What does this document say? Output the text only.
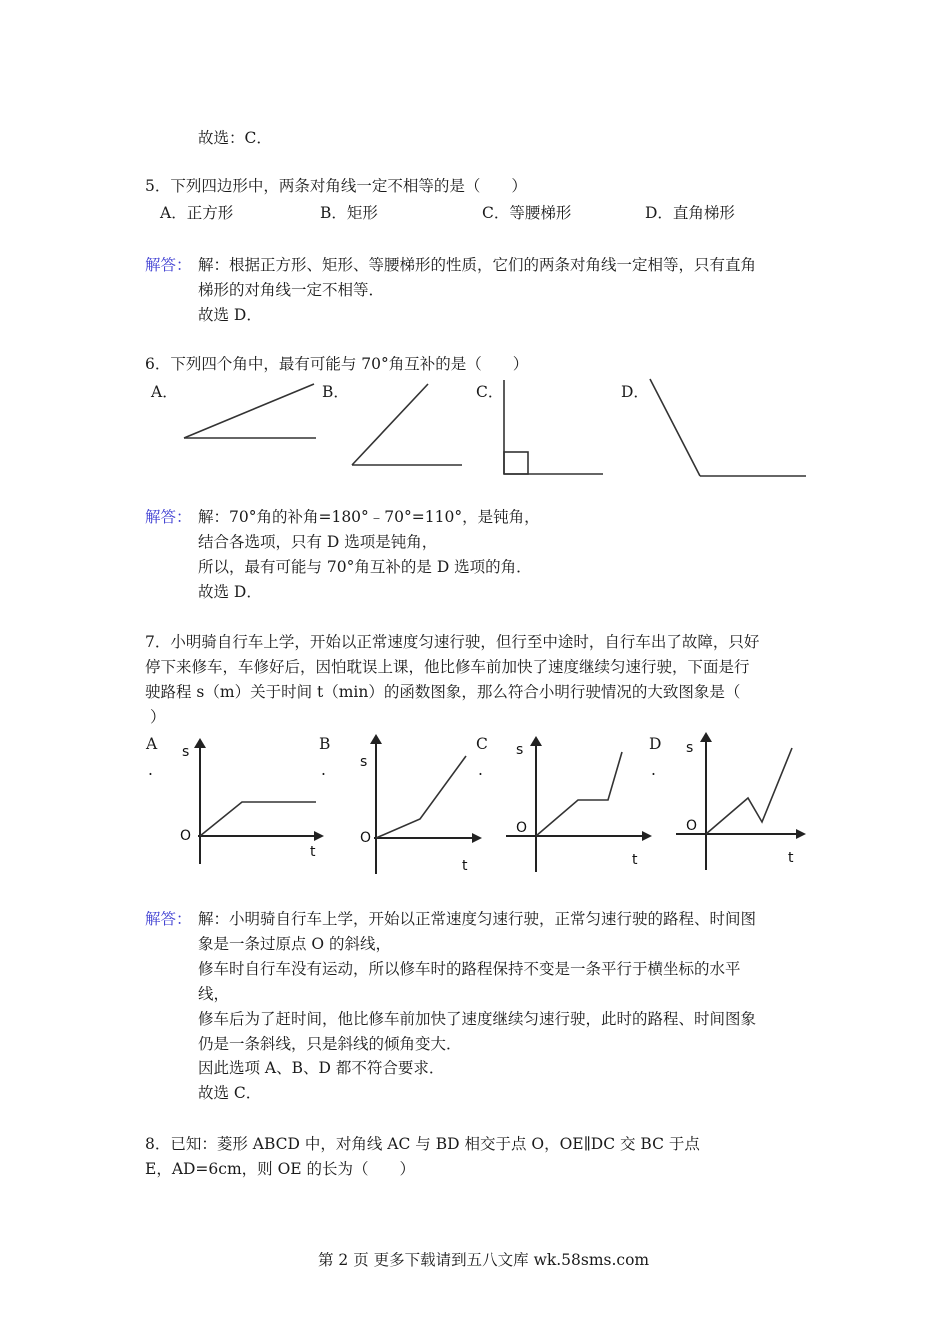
故选：C．
5．下列四边形中，两条对角线一定不相等的是（　　）
A．正方形	B．矩形	C．等腰梯形	D．直角梯形
解答： 解：根据正方形、矩形、等腰梯形的性质，它们的两条对角线一定相等，只有直角
梯形的对角线一定不相等．
故选 D．
6．下列四个角中，最有可能与 70°角互补的是（　　）
A．	B．	C．	D．
解答： 解：70°角的补角=180°﹣70°=110°，是钝角，
结合各选项，只有 D 选项是钝角，
所以，最有可能与 70°角互补的是 D 选项的角．
故选 D．
7．小明骑自行车上学，开始以正常速度匀速行驶，但行至中途时，自行车出了故障，只好
停下来修车，车修好后，因怕耽误上课，他比修车前加快了速度继续匀速行驶，下面是行
驶路程 s（m）关于时间 t（min）的函数图象，那么符合小明行驶情况的大致图象是（
）
A
.
B
.
C
.
D
.
s
O
t
s
O
t
s
O
t
s
O
t
解答： 解：小明骑自行车上学，开始以正常速度匀速行驶，正常匀速行驶的路程、时间图
象是一条过原点 O 的斜线，
修车时自行车没有运动，所以修车时的路程保持不变是一条平行于横坐标的水平
线，
修车后为了赶时间，他比修车前加快了速度继续匀速行驶，此时的路程、时间图象
仍是一条斜线，只是斜线的倾角变大．
因此选项 A、B、D 都不符合要求．
故选 C．
8．已知：菱形 ABCD 中，对角线 AC 与 BD 相交于点 O，OE∥DC 交 BC 于点
E，AD=6cm，则 OE 的长为（　　）
第 2 页 更多下载请到五八文库 wk.58sms.com
